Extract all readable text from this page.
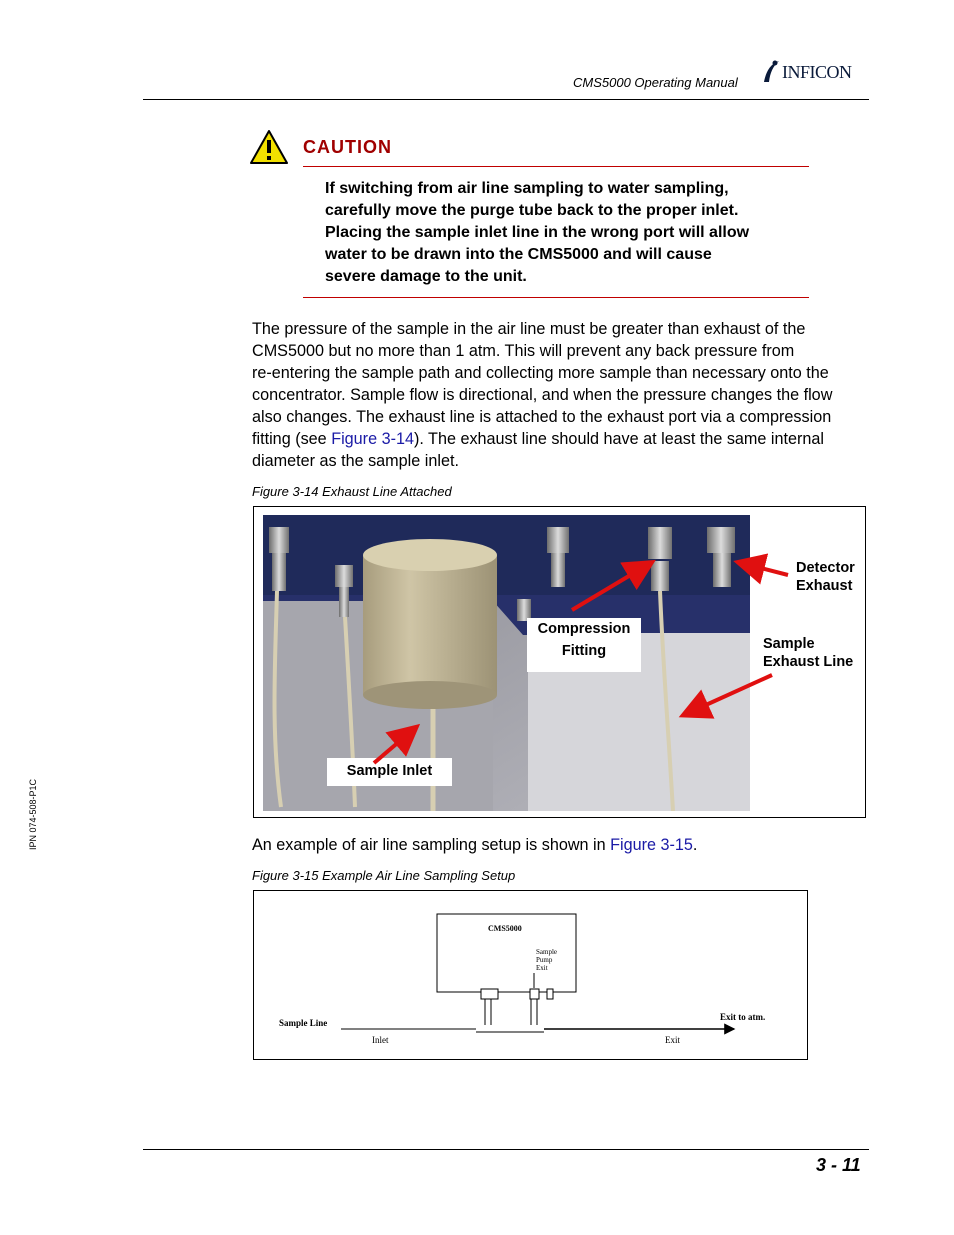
CMS5000 Operating Manual
INFICON
CAUTION
If switching from air line sampling to water sampling,
carefully move the purge tube back to the proper inlet.
Placing the sample inlet line in the wrong port will allow
water to be drawn into the CMS5000 and will cause
severe damage to the unit.
The pressure of the sample in the air line must be greater than exhaust of the
CMS5000 but no more than 1 atm. This will prevent any back pressure from
re-entering the sample path and collecting more sample than necessary onto the
concentrator. Sample flow is directional, and when the pressure changes the flow
also changes. The exhaust line is attached to the exhaust port via a compression
fitting (see Figure 3-14). The exhaust line should have at least the same internal
diameter as the sample inlet.
Figure 3-14 Exhaust Line Attached
Compression
Fitting
Sample Inlet
Detector
Exhaust
Sample
Exhaust Line
An example of air line sampling setup is shown in Figure 3-15.
Figure 3-15 Example Air Line Sampling Setup
CMS5000
Sample
Pump
Exit
Sample Line
Inlet	Exit
Exit to atm.
IPN 074-508-P1C
3 - 11
